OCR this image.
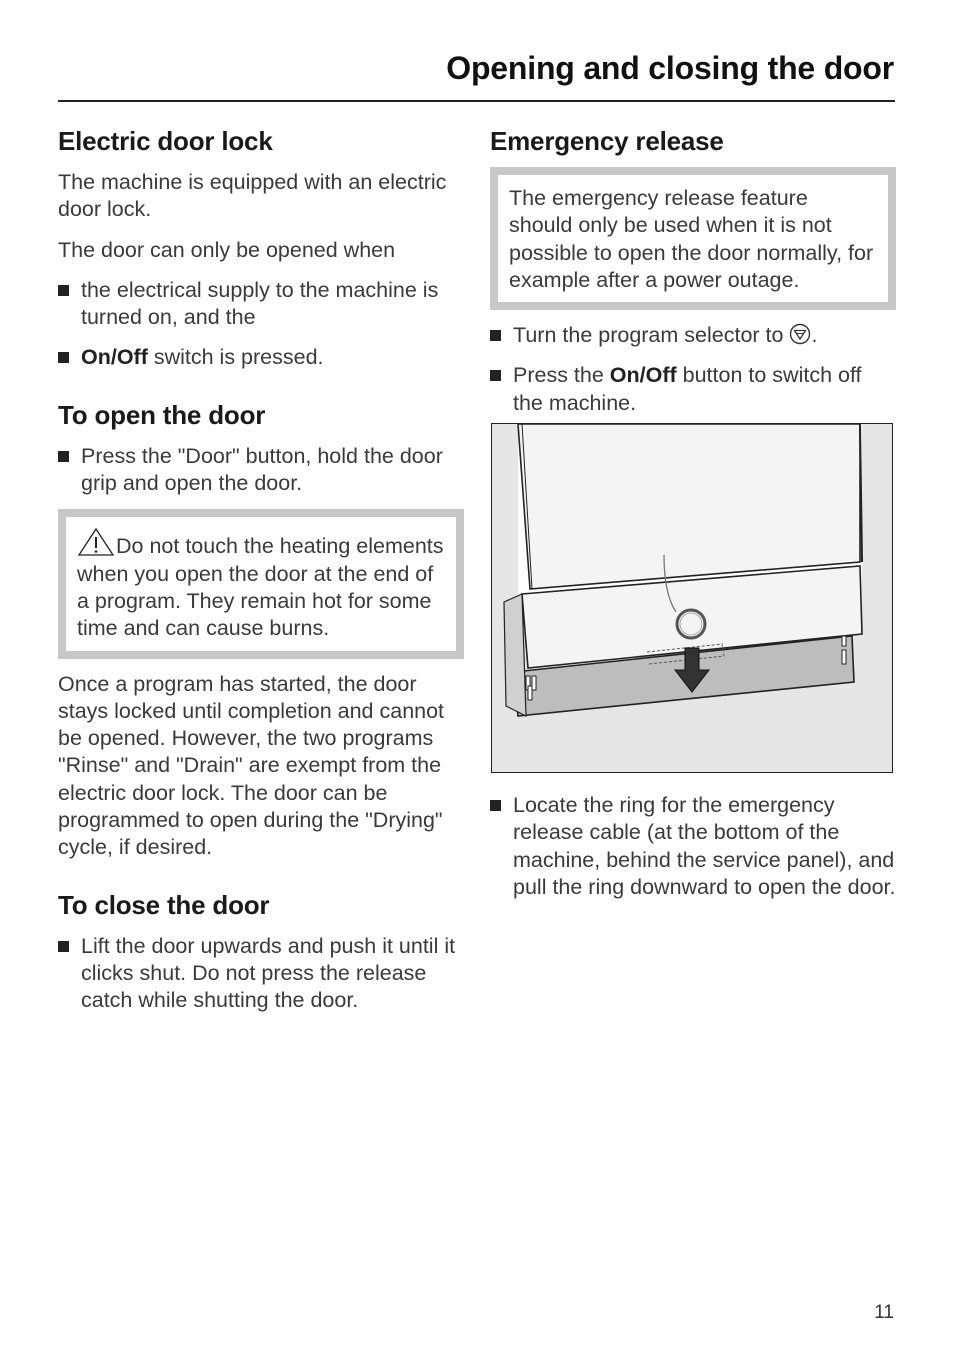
Opening and closing the door
Electric door lock

The machine is equipped with an electric door lock.

The door can only be opened when

the electrical supply to the machine is turned on, and the
On/Off switch is pressed.
To open the door
Press the "Door" button, hold the door grip and open the door.

Do not touch the heating elements when you open the door at the end of a program. They remain hot for some time and can cause burns.

Once a program has started, the door stays locked until completion and cannot be opened. However, the two programs "Rinse" and "Drain" are exempt from the electric door lock. The door can be programmed to open during the "Drying" cycle, if desired.

To close the door
Lift the door upwards and push it until it clicks shut. Do not press the release catch while shutting the door.
Emergency release

The emergency release feature should only be used when it is not possible to open the door normally, for example after a power outage.

Turn the program selector to .
Press the On/Off button to switch off the machine.
Locate the ring for the emergency release cable (at the bottom of the machine, behind the service panel), and pull the ring downward to open the door.
11
